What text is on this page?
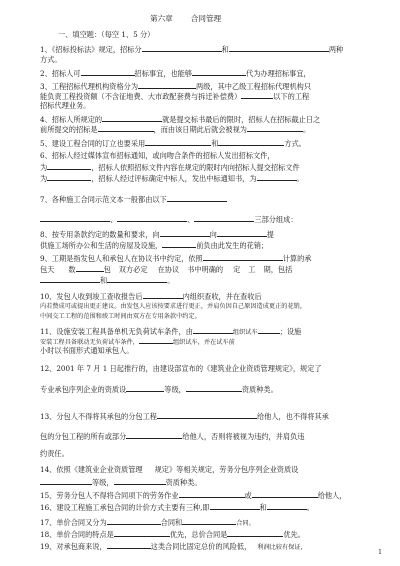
第六章 合同管理
一、填空题：（每空 1、5 分）
1、《招标投标法》规定，招标分	和	两种
方式。
2、招标人可	招标事宜，也能够	代为办理招标事宜，
3、工程招标代理机构资格分为	两级，其中乙级工程招标代理机构只
能负责工程投资额（不含征地费、大市政配套费与拆迁补偿费）	以下的工程
招标代理业务。
4、招标人所规定的	就是提交标书最后的限时，招标人在招标截止日之
前所提交的招标是	，而由该日期此后就会被视为	。
5、建设工程合同的订立也要采用	和	方式。
6、招标人经过媒体宣布招标通知，或向吻合条件的招标人发出招标文件，
为	，招标人依照招标文件内容在规定的限时内向招标人提交招标文件
为	，招标人经过评标确定中标人，发出中标通知书，为	。
7、各种施工合同示范文本一般都由以下
、	、	三部分组成：
8、按专用条款约定的数量和要求，向	向	提
供施工场所办公和生活的房屋及设施，	前负由此发生的花销；
9、工期是指发包人和承包人在协议书中约定，依照	计算的承
包天 数	包 双方必定 在协议 书中明确的 定 工 期，包括
和	。
10、发包人收到竣工查收报告后	内组织查收，并在查收后
内若赞成可或提出更正建议。由发包人应该按要求进行更正，并肩负因自己原因造成更正的花销，
中间交工工程的范围和竣工时间由双方在专用条款中约定。
11、设施安装工程具备单机无负荷试车条件，由	组织试车	；设施
安装工程具备联动无负荷试车条件，	组织试车，并在试车前
小时以书面形式通知承包人。
12、2001 年 7 月 1 日起推行的，由建设部宣布的《建筑业企业资质管理规定》，规定了
专业承包序列企业的资质设	等级，	资质种类。
13、分包人不得将其承包的分包工程	给他人，也不得将其承
包的分包工程的所有或部分	给他人，否则将被视为违约，并肩负违
约责任。
14、依照《建筑业企业资质管理 规定》等相关规定，劳务分包序列企业资质设
等级，	资质种类。
15、劳务分包人不得将合同项下的劳务作业	或	给他人，
16、建设工程施工承包合同的计价方式主要有三种,即	和	。
17、单价合同又分为	合同和	合同。
18、单价合同的特点是	优先，总价合同是	优先。
19、对承包商来说，	这类合同比固定总价的风险低， 利润比较有保证，
1
